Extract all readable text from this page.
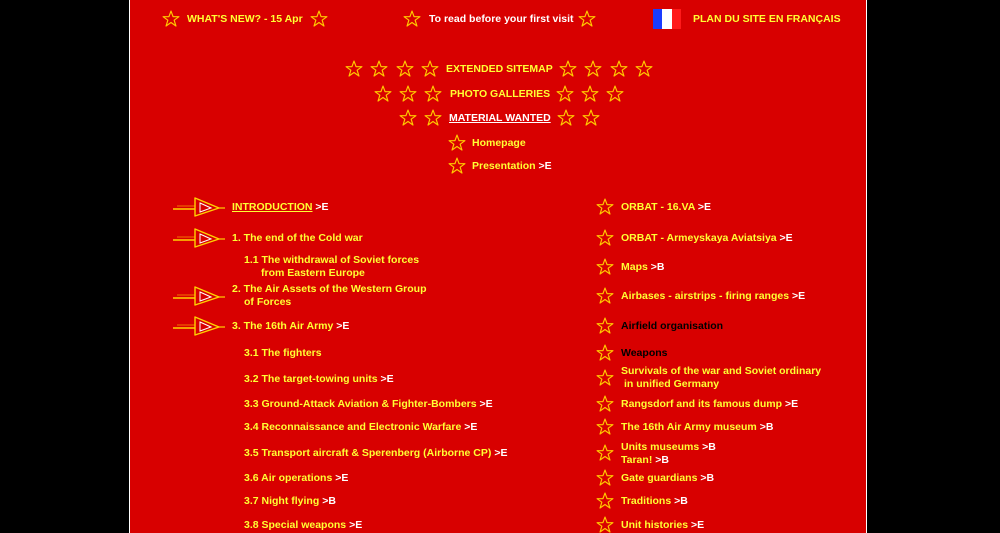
WHAT'S NEW? - 15 Apr	To read before your first visit	PLAN DU SITE EN FRANÇAIS
EXTENDED SITEMAP
PHOTO GALLERIES
MATERIAL WANTED
Homepage
Presentation >E
INTRODUCTION >E
1. The end of the Cold war
1.1 The withdrawal of Soviet forces
from Eastern Europe
2. The Air Assets of the Western Group
of Forces
3. The 16th Air Army >E
3.1 The fighters
3.2 The target-towing units >E
3.3 Ground-Attack Aviation & Fighter-Bombers >E
3.4 Reconnaissance and Electronic Warfare >E
3.5 Transport aircraft & Sperenberg (Airborne CP) >E
3.6 Air operations >E
3.7 Night flying >B
3.8 Special weapons >E
ORBAT - 16.VA >E
ORBAT - Armeyskaya Aviatsiya >E
Maps >B
Airbases - airstrips - firing ranges >E
Airfield organisation
Weapons
Survivals of the war and Soviet ordinary
in unified Germany
Rangsdorf and its famous dump >E
The 16th Air Army museum >B
Units museums >B
Taran! >B
Gate guardians >B
Traditions >B
Unit histories >E
